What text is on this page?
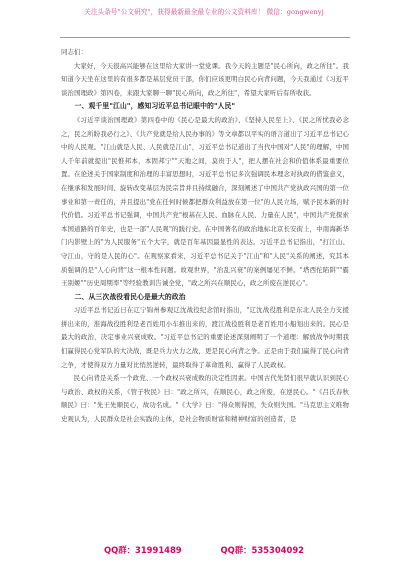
关注头条号"公文研究"，获得最新最全最专业的公文资料库！ 微信：gongwenyj

同志们：

大家好，今天很高兴能够在这里给大家讲一堂党课。我今天的主题是"民心所向，政之所往"。我知道今天坐在这里的有很多都是基层党员干部，你们应该更明白民心向背问题，今天我通过《习近平谈治国理政》第四卷，来跟大家聊一聊"民心所向，政之所往"，希望大家听后有所收获。

一、观千里"江山"，感知习近平总书记眼中的"人民"

《习近平谈治国理政》第四卷中的《民心是最大的政治》、《坚持人民至上》、《民之所忧我必念之，民之所盼我必行之》、《共产党就是给人民办事的》等文章都以平实的语言道出了习近平总书记心中的人民观。"江山就是人民、人民就是江山"，习近平总书记道出了当代中国对"人民"的理解，中国人千年前就提出"民惟邦本，本固邦宁""天地之间，莫贵于人"，把人摆在社会和价值体系最重要位置。在论述关于国家制度和治理的丰富思想时，习近平总书记多次强调民本理念对执政的借鉴意义，在继承和发展时间、旋转改变基层为民宗旨并且持续融合，深刻阐述了中国共产党执政兴国的第一位事业和第一责任的，并且提出"党在任何时候都把群众利益放在第一位"的人民立场，赋予民本新的时代价值。习近平总书记强调，中国共产党"根基在人民、血脉在人民、力量在人民"，中国共产党探索本国道路的百年史，也是一部"人民观"的践行史。在中国著名的政治地标北京长安街上，中南海新华门内影壁上的"为人民服务"五个大字，就是百年基因最显性的表达。习近平总书记指出，"打江山、守江山，守的是人民的心"。在观察家看来，习近平总书记关于"江山"和"人民"关系的阐述，究其本质强调的是"人心向背"这一根本性问题。故观世界，"治乱兴衰"的案例屡见不鲜。"塔西佗陷阱""霸王别姬""历史周期率"等经验教训告诫全党，"政之所兴在顺民心，政之所废在逆民心"。

二、从三次战役看民心是最大的政治

习近平总书记近日在辽宁锦州参观辽沈战役纪念馆时指出，"辽沈战役胜利是东北人民全力支援拼出来的，淮海战役胜利是老百姓用小车推出来的，渡江战役胜利是老百姓用小船划出来的。民心是最大的政治，决定事业兴衰成败。"习近平总书记的重要论述深刻阐明了一个道理：解放战争时期我们赢得民心党军队的大决战，既是兵力火力之战，更是民心向背之争。正是由于我们赢得了民心向背之争，才使得双方力量对比悄然逆转，最终取得了革命胜利、赢得了人民政权。

民心向背是关系一个政党、一个政权兴衰成败的决定性因素。中国古代先贤们很早就认识到民心与政治、政权的关系，《管子牧民》曰："政之所兴，在顺民心，政之所废，在逆民心。"《吕氏春秋顺民》曰："先王先顺民心，故功名成。"《大学》曰："得众则得国，失众则失国。"马克思主义唯物史观认为，人民群众是社会实践的主体，是社会物质财富和精神财富的创造者，是

QQ群：31991489	QQ群：535304092
